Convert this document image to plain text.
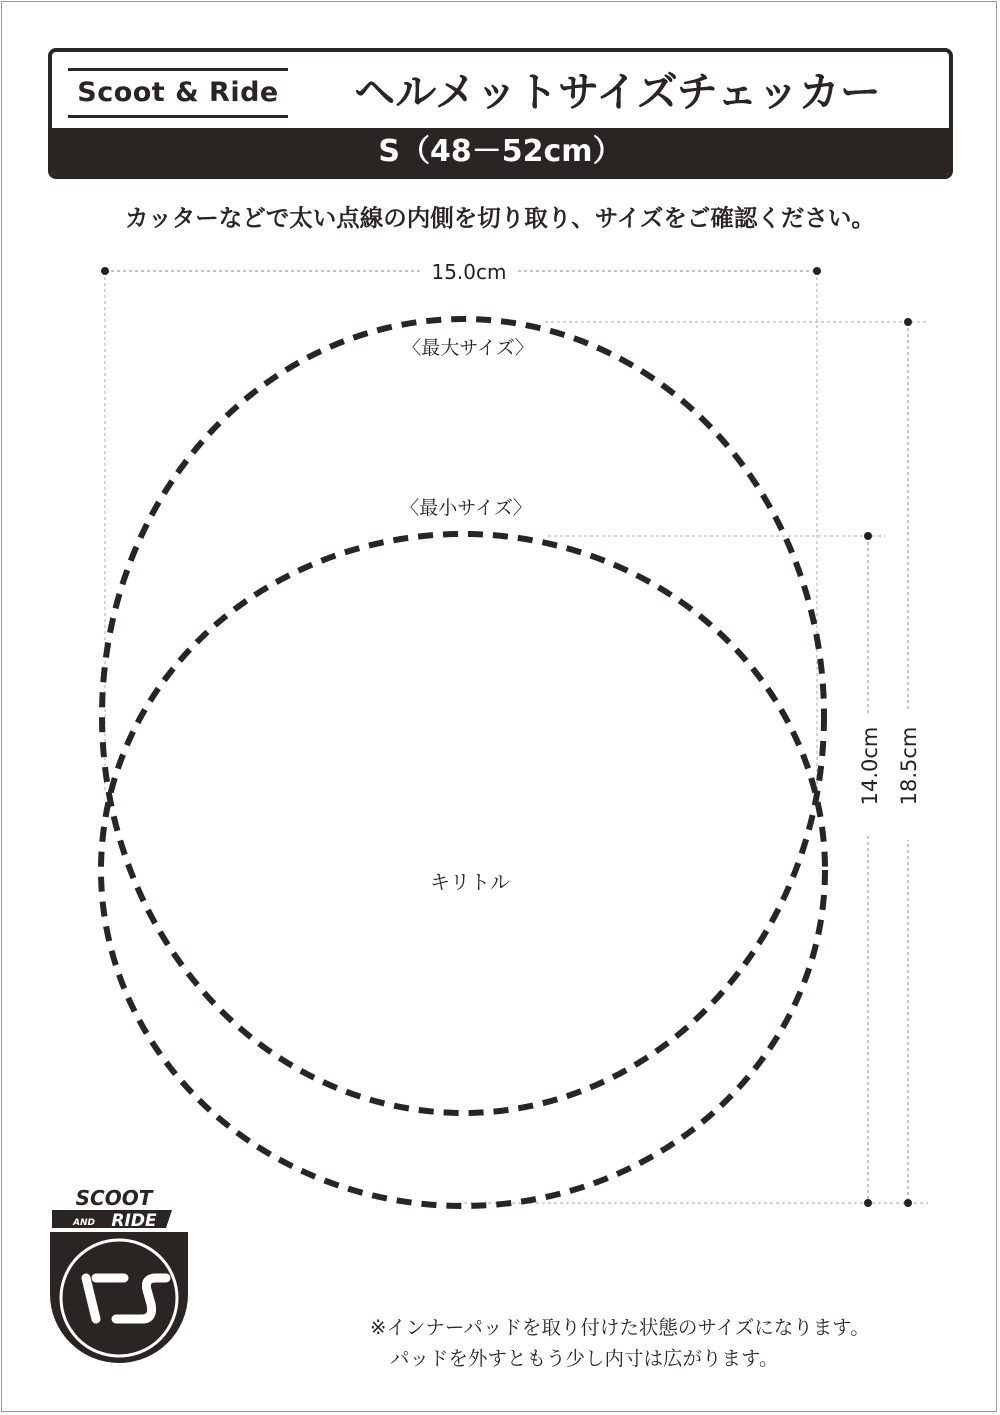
Scoot & Ride	ヘルメットサイズチェッカー
S（48－52cm）
カッターなどで太い点線の内側を切り取り、サイズをご確認ください。
15.0cm
18.5cm
14.0cm
〈最大サイズ〉
〈最小サイズ〉
キリトル
SCOOT
AND RIDE
※インナーパッドを取り付けた状態のサイズになります。
パッドを外すともう少し内寸は広がります。
